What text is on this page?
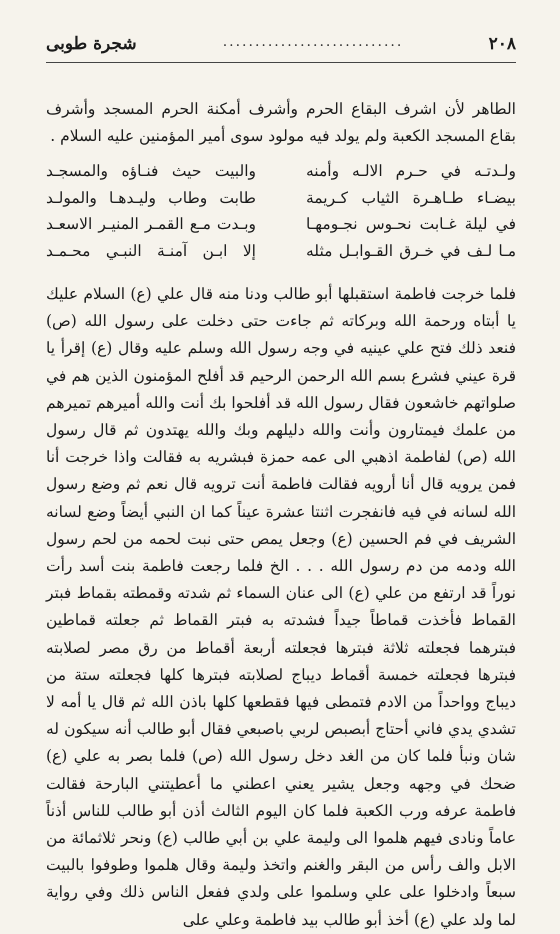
٢٠٨
............................
شجرة طوبى
الطاهر لأن اشرف البقاع الحرم وأشرف أمكنة الحرم المسجد وأشرف بقاع المسجد الكعبة ولم يولد فيه مولود سوى أمير المؤمنين عليه السلام .
ولـدتـه في حـرم الالـه وأمنه
والبيت حيث فنـاؤه والمسجـد
بيضـاء طـاهـرة الثياب كـريمة
طابت وطاب وليـدهـا والمولـد
في ليلة غـابت نحـوس نجـومهـا
وبـدت مـع القمـر المنيـر الاسعـد
مـا لـف في خـرق القـوابـل مثله
إلا ابـن آمنـة النبـي محـمـد
فلما خرجت فاطمة استقبلها أبو طالب ودنا منه قال علي (ع) السلام عليك يا أبتاه ورحمة الله وبركاته ثم جاءت حتى دخلت على رسول الله (ص) فنعد ذلك فتح علي عينيه في وجه رسول الله وسلم عليه وقال (ع) إقرأ يا قرة عيني فشرع بسم الله الرحمن الرحيم قد أفلح المؤمنون الذين هم في صلواتهم خاشعون فقال رسول الله قد أفلحوا بك أنت والله أميرهم تميرهم من علمك فيمتارون وأنت والله دليلهم وبك والله يهتدون ثم قال رسول الله (ص) لفاطمة اذهبي الى عمه حمزة فبشريه به فقالت واذا خرجت أنا فمن يرويه قال أنا أرويه فقالت فاطمة أنت ترويه قال نعم ثم وضع رسول الله لسانه في فيه فانفجرت اثنتا عشرة عيناً كما ان النبي أيضاً وضع لسانه الشريف في فم الحسين (ع) وجعل يمص حتى نبت لحمه من لحم رسول الله ودمه من دم رسول الله . . . الخ فلما رجعت فاطمة بنت أسد رأت نوراً قد ارتفع من علي (ع) الى عنان السماء ثم شدته وقمطته بقماط فبتر القماط فأخذت قماطاً جيداً فشدته به فبتر القماط ثم جعلته قماطين فبترهما فجعلته ثلاثة فبترها فجعلته أربعة أقماط من رق مصر لصلابته فبترها فجعلته خمسة أقماط ديباج لصلابته فبترها كلها فجعلته ستة من ديباج وواحداً من الادم فتمطى فيها فقطعها كلها باذن الله ثم قال يا أمه لا تشدي يدي فاني أحتاج أبصبص لربي باصبعي فقال أبو طالب أنه سيكون له شان ونبأ فلما كان من الغد دخل رسول الله (ص) فلما بصر به علي (ع) ضحك في وجهه وجعل يشير يعني اعطني ما أعطيتني البارحة فقالت فاطمة عرفه ورب الكعبة فلما كان اليوم الثالث أذن أبو طالب للناس أذناً عاماً ونادى فيهم هلموا الى وليمة علي بن أبي طالب (ع) ونحر ثلاثمائة من الابل والف رأس من البقر والغنم واتخذ وليمة وقال هلموا وطوفوا بالبيت سبعاً وادخلوا على علي وسلموا على ولدي ففعل الناس ذلك وفي رواية لما ولد علي (ع) أخذ أبو طالب بيد فاطمة وعلي على
